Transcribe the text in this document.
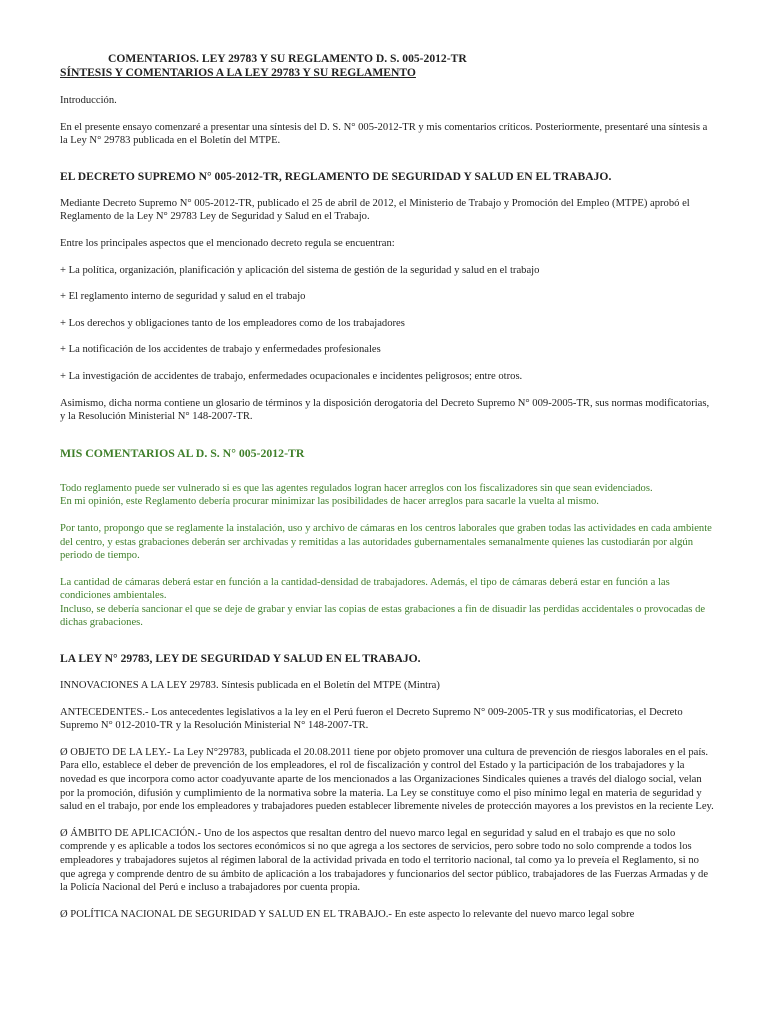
COMENTARIOS. LEY 29783 Y SU REGLAMENTO D. S. 005-2012-TR

SÍNTESIS Y COMENTARIOS A LA LEY 29783 Y SU REGLAMENTO

Introducción.

En el presente ensayo comenzaré a presentar una síntesis del D. S. N° 005-2012-TR y mis comentarios críticos. Posteriormente, presentaré una síntesis a la Ley N° 29783 publicada en el Boletín del MTPE.

EL DECRETO SUPREMO N° 005-2012-TR, REGLAMENTO DE SEGURIDAD Y SALUD EN EL TRABAJO.

Mediante Decreto Supremo N° 005-2012-TR, publicado el 25 de abril de 2012, el Ministerio de Trabajo y Promoción del Empleo (MTPE) aprobó el Reglamento de la Ley N° 29783 Ley de Seguridad y Salud en el Trabajo.

Entre los principales aspectos que el mencionado decreto regula se encuentran:

+ La política, organización, planificación y aplicación del sistema de gestión de la seguridad y salud en el trabajo

+ El reglamento interno de seguridad y salud en el trabajo

+ Los derechos y obligaciones tanto de los empleadores como de los trabajadores

+ La notificación de los accidentes de trabajo y enfermedades profesionales

+ La investigación de accidentes de trabajo, enfermedades ocupacionales e incidentes peligrosos; entre otros.

Asimismo, dicha norma contiene un glosario de términos y la disposición derogatoria del Decreto Supremo N° 009-2005-TR, sus normas modificatorias, y la Resolución Ministerial N° 148-2007-TR.

MIS COMENTARIOS AL D. S. N° 005-2012-TR

Todo reglamento puede ser vulnerado si es que las agentes regulados logran hacer arreglos con los fiscalizadores sin que sean evidenciados.

En mi opinión, este Reglamento debería procurar minimizar las posibilidades de hacer arreglos para sacarle la vuelta al mismo.

Por tanto, propongo que se reglamente la instalación, uso y archivo de cámaras en los centros laborales que graben todas las actividades en cada ambiente del centro, y estas grabaciones deberán ser archivadas y remitidas a las autoridades gubernamentales semanalmente quienes las custodiarán por algún periodo de tiempo.

La cantidad de cámaras deberá estar en función a la cantidad-densidad de trabajadores. Además, el tipo de cámaras deberá estar en función a las condiciones ambientales.

Incluso, se debería sancionar el que se deje de grabar y enviar las copias de estas grabaciones a fin de disuadir las perdidas accidentales o provocadas de dichas grabaciones.

LA LEY N° 29783, LEY DE SEGURIDAD Y SALUD EN EL TRABAJO.

INNOVACIONES A LA LEY 29783. Síntesis publicada en el Boletín del MTPE (Mintra)

ANTECEDENTES.- Los antecedentes legislativos a la ley en el Perú fueron el Decreto Supremo N° 009-2005-TR y sus modificatorias, el Decreto Supremo N° 012-2010-TR y la Resolución Ministerial N° 148-2007-TR.

Ø OBJETO DE LA LEY.- La Ley N°29783, publicada el 20.08.2011 tiene por objeto promover una cultura de prevención de riesgos laborales en el país.

Para ello, establece el deber de prevención de los empleadores, el rol de fiscalización y control del Estado y la participación de los trabajadores y la novedad es que incorpora como actor coadyuvante aparte de los mencionados a las Organizaciones Sindicales quienes a través del dialogo social, velan por la promoción, difusión y cumplimiento de la normativa sobre la materia. La Ley se constituye como el piso mínimo legal en materia de seguridad y salud en el trabajo, por ende los empleadores y trabajadores pueden establecer libremente niveles de protección mayores a los previstos en la reciente Ley.

Ø ÁMBITO DE APLICACIÓN.- Uno de los aspectos que resaltan dentro del nuevo marco legal en seguridad y salud en el trabajo es que no solo comprende y es aplicable a todos los sectores económicos si no que agrega a los sectores de servicios, pero sobre todo no solo comprende a todos los empleadores y trabajadores sujetos al régimen laboral de la actividad privada en todo el territorio nacional, tal como ya lo preveía el Reglamento, si no que agrega y comprende dentro de su ámbito de aplicación a los trabajadores y funcionarios del sector público, trabajadores de las Fuerzas Armadas y de la Policía Nacional del Perú e incluso a trabajadores por cuenta propia.

Ø POLÍTICA NACIONAL DE SEGURIDAD Y SALUD EN EL TRABAJO.- En este aspecto lo relevante del nuevo marco legal sobre
